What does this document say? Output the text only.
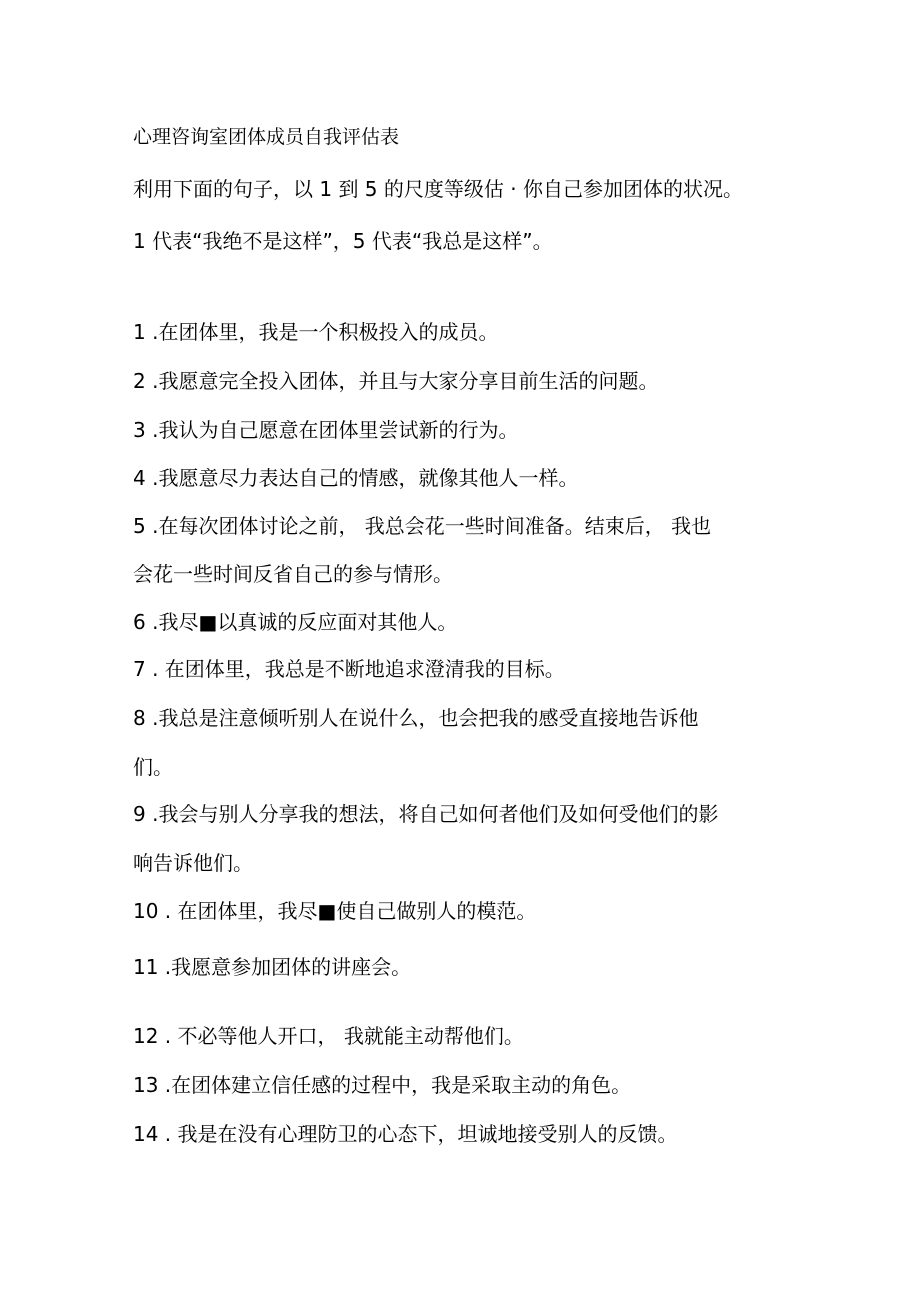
心理咨询室团体成员自我评估表
利用下面的句子，以 1 到 5 的尺度等级估 · 你自己参加团体的状况。
1 代表“我绝不是这样”，5 代表“我总是这样”。
1 .在团体里，我是一个积极投入的成员。
2 .我愿意完全投入团体，并且与大家分享目前生活的问题。
3 .我认为自己愿意在团体里尝试新的行为。
4 .我愿意尽力表达自己的情感，就像其他人一样。
5 .在每次团体讨论之前， 我总会花一些时间准备。结束后， 我也
会花一些时间反省自己的参与情形。
6 .我尽■以真诚的反应面对其他人。
7 . 在团体里，我总是不断地追求澄清我的目标。
8 .我总是注意倾听别人在说什么，也会把我的感受直接地告诉他
们。
9 .我会与别人分享我的想法，将自己如何者他们及如何受他们的影
响告诉他们。
10 . 在团体里，我尽■使自己做别人的模范。
11 .我愿意参加团体的讲座会。
12 . 不必等他人开口， 我就能主动帮他们。
13 .在团体建立信任感的过程中，我是采取主动的角色。
14 . 我是在没有心理防卫的心态下，坦诚地接受别人的反馈。
